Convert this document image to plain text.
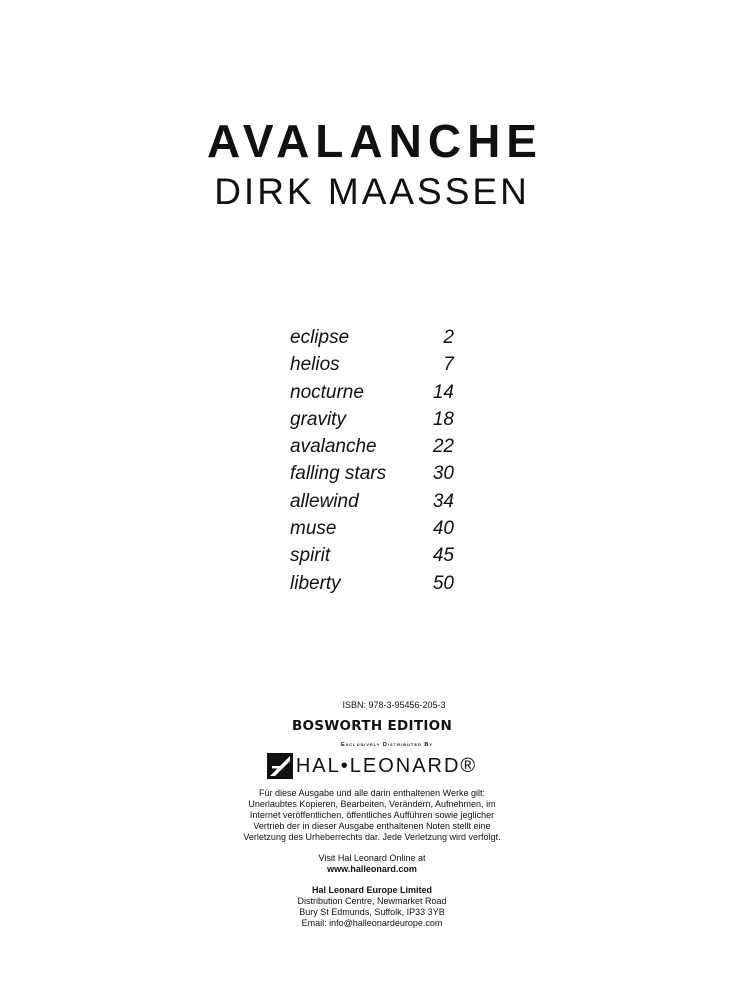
AVALANCHE
DIRK MAASSEN
eclipse	2
helios	7
nocturne	14
gravity	18
avalanche	22
falling stars 30
allewind	34
muse	40
spirit	45
liberty	50
ISBN: 978-3-95456-205-3
BOSWORTH EDITION
Exclusively Distributed By
HAL•LEONARD®
Für diese Ausgabe und alle darin enthaltenen Werke gilt:
Unerlaubtes Kopieren, Bearbeiten, Verändern, Aufnehmen, im
Internet veröffentlichen, öffentliches Aufführen sowie jeglicher
Vertrieb der in dieser Ausgabe enthaltenen Noten stellt eine
Verletzung des Urheberrechts dar. Jede Verletzung wird verfolgt.
Visit Hal Leonard Online at
www.halleonard.com
Hal Leonard Europe Limited
Distribution Centre, Newmarket Road
Bury St Edmunds, Suffolk, IP33 3YB
Email: info@halleonardeurope.com
